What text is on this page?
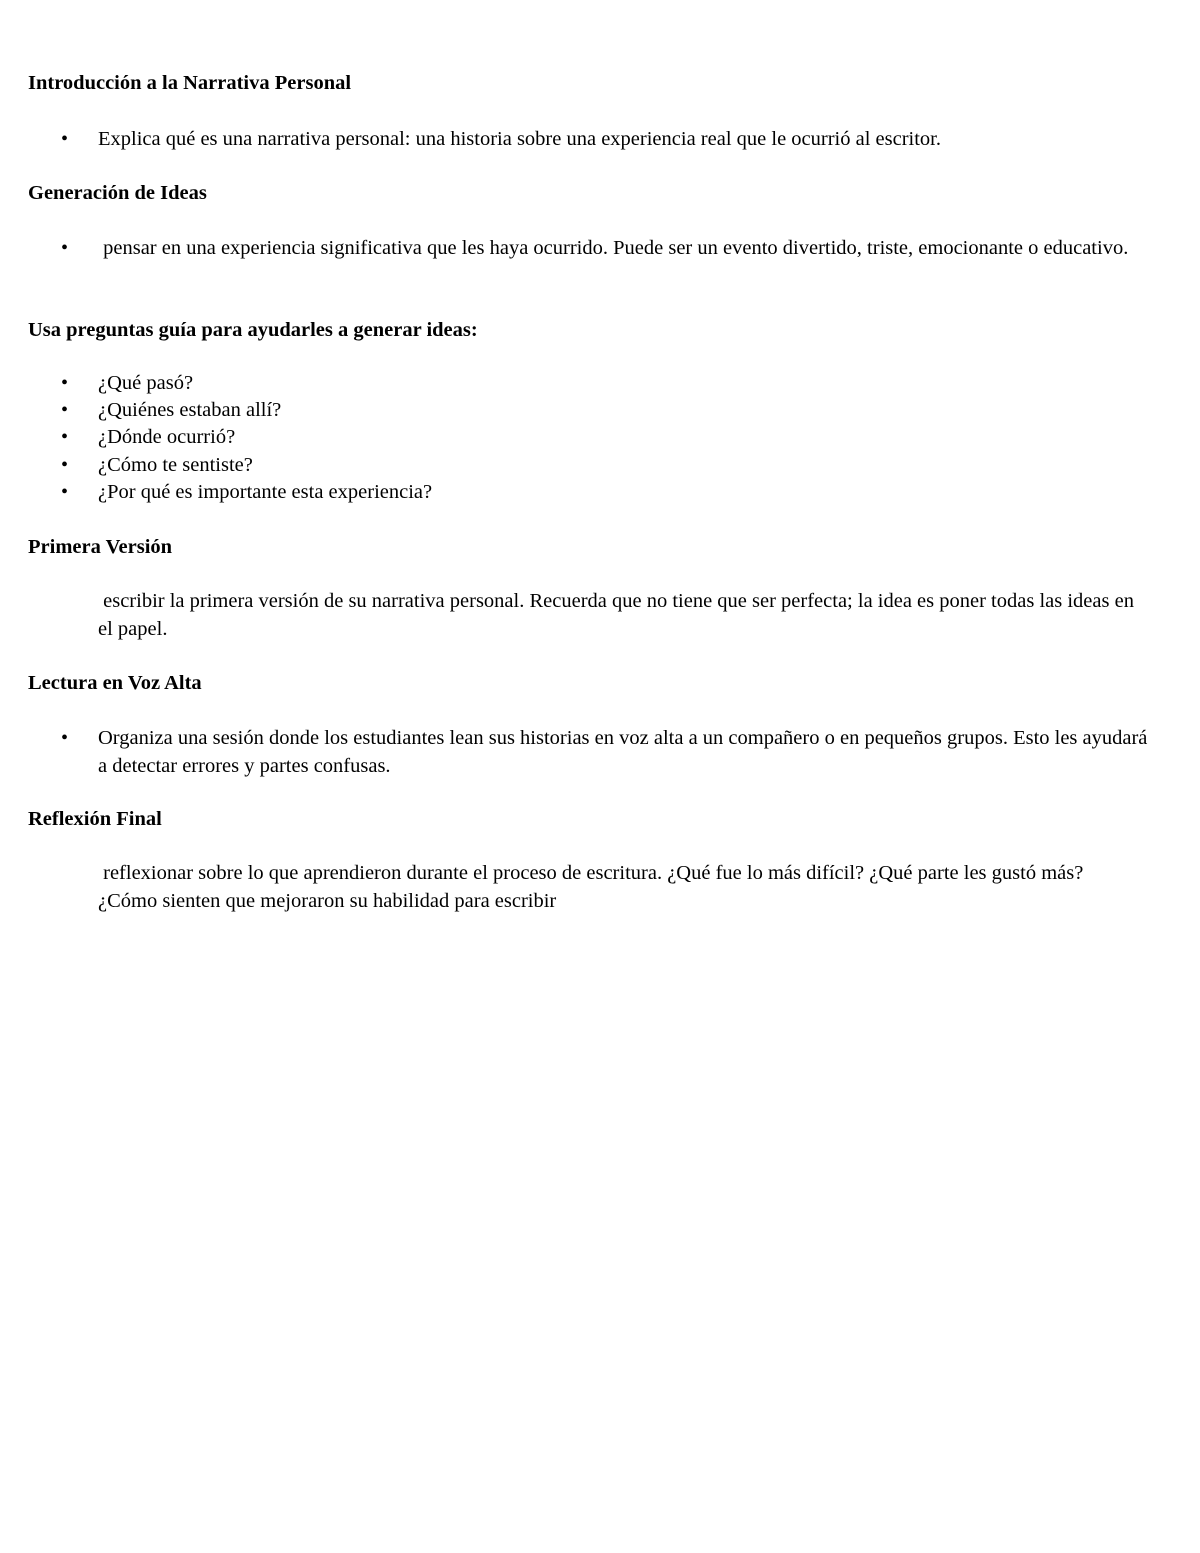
Introducción a la Narrativa Personal
•	Explica qué es una narrativa personal: una historia sobre una experiencia real que le ocurrió al escritor.
Generación de Ideas
•	pensar en una experiencia significativa que les haya ocurrido. Puede ser un evento divertido, triste, emocionante o educativo.
Usa preguntas guía para ayudarles a generar ideas:
•	¿Qué pasó?
•	¿Quiénes estaban allí?
•	¿Dónde ocurrió?
•	¿Cómo te sentiste?
•	¿Por qué es importante esta experiencia?
Primera Versión
escribir la primera versión de su narrativa personal. Recuerda que no tiene que ser perfecta; la idea es poner todas las ideas en el papel.
Lectura en Voz Alta
•	Organiza una sesión donde los estudiantes lean sus historias en voz alta a un compañero o en pequeños grupos. Esto les ayudará a detectar errores y partes confusas.
Reflexión Final
reflexionar sobre lo que aprendieron durante el proceso de escritura. ¿Qué fue lo más difícil? ¿Qué parte les gustó más? ¿Cómo sienten que mejoraron su habilidad para escribir
